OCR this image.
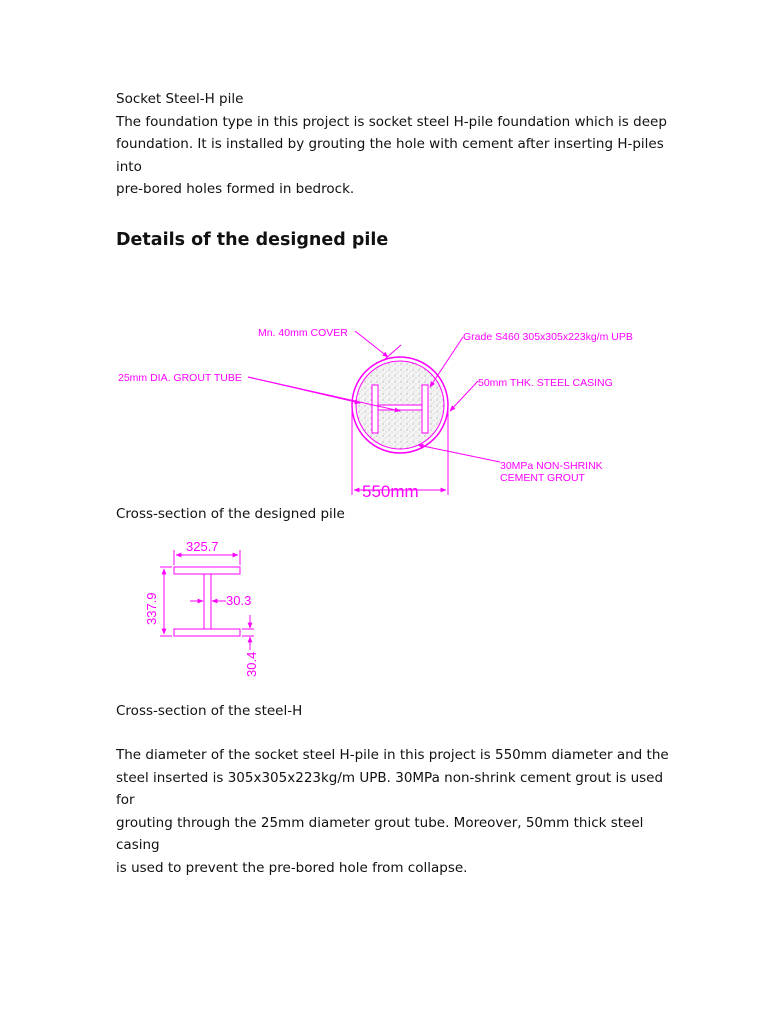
Socket Steel-H pile
The foundation type in this project is socket steel H-pile foundation which is deep
foundation. It is installed by grouting the hole with cement after inserting H-piles into
pre-bored holes formed in bedrock.
Details of the designed pile
550mm
Mn. 40mm COVER	Grade S460 305x305x223kg/m UPB
25mm DIA. GROUT TUBE	50mm THK. STEEL CASING
30MPa NON-SHRINK
CEMENT GROUT
Cross-section of the designed pile
325.7
337.9	30.3
30.4
Cross-section of the steel-H
The diameter of the socket steel H-pile in this project is 550mm diameter and the
steel inserted is 305x305x223kg/m UPB. 30MPa non-shrink cement grout is used for
grouting through the 25mm diameter grout tube. Moreover, 50mm thick steel casing
is used to prevent the pre-bored hole from collapse.
